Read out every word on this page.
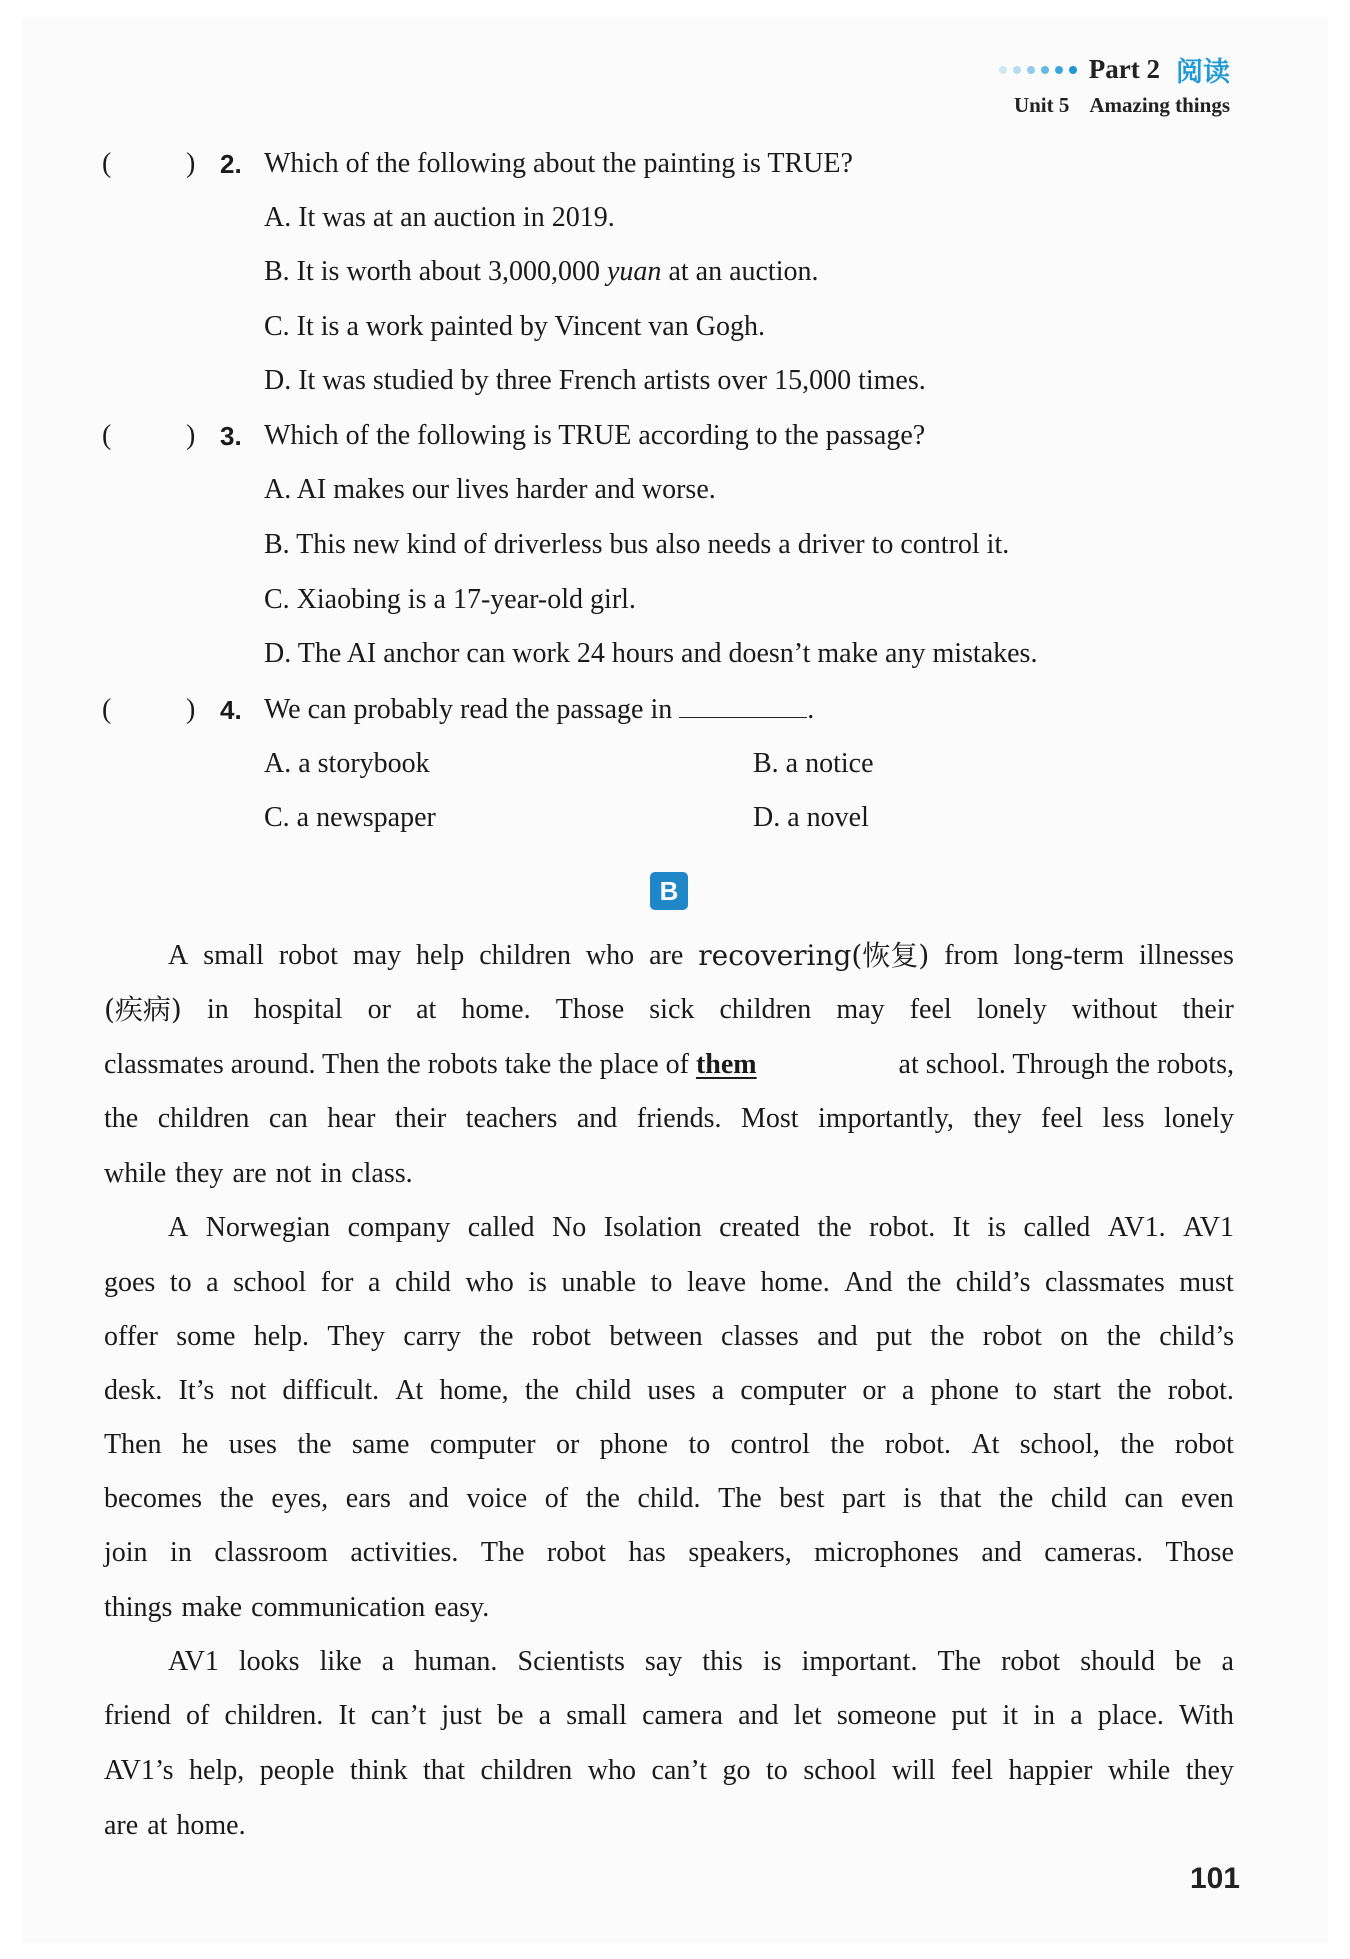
Part 2 阅读
Unit 5 Amazing things
(	) 2. Which of the following about the painting is TRUE?
A. It was at an auction in 2019.
B. It is worth about 3,000,000 yuan at an auction.
C. It is a work painted by Vincent van Gogh.
D. It was studied by three French artists over 15,000 times.
(	) 3. Which of the following is TRUE according to the passage?
A. AI makes our lives harder and worse.
B. This new kind of driverless bus also needs a driver to control it.
C. Xiaobing is a 17-year-old girl.
D. The AI anchor can work 24 hours and doesn’t make any mistakes.
(	) 4. We can probably read the passage in	.
A. a storybook	B. a notice
C. a newspaper	D. a novel
B
A small robot may help children who are recovering(恢复) from long-term illnesses
(疾病) in hospital or at home. Those sick children may feel lonely without their
classmates around. Then the robots take the place of them	at school. Through the robots,
the children can hear their teachers and friends. Most importantly, they feel less lonely
while they are not in class.
A Norwegian company called No Isolation created the robot. It is called AV1. AV1
goes to a school for a child who is unable to leave home. And the child’s classmates must
offer some help. They carry the robot between classes and put the robot on the child’s
desk. It’s not difficult. At home, the child uses a computer or a phone to start the robot.
Then he uses the same computer or phone to control the robot. At school, the robot
becomes the eyes, ears and voice of the child. The best part is that the child can even
join in classroom activities. The robot has speakers, microphones and cameras. Those
things make communication easy.
AV1 looks like a human. Scientists say this is important. The robot should be a
friend of children. It can’t just be a small camera and let someone put it in a place. With
AV1’s help, people think that children who can’t go to school will feel happier while they
are at home.
101
